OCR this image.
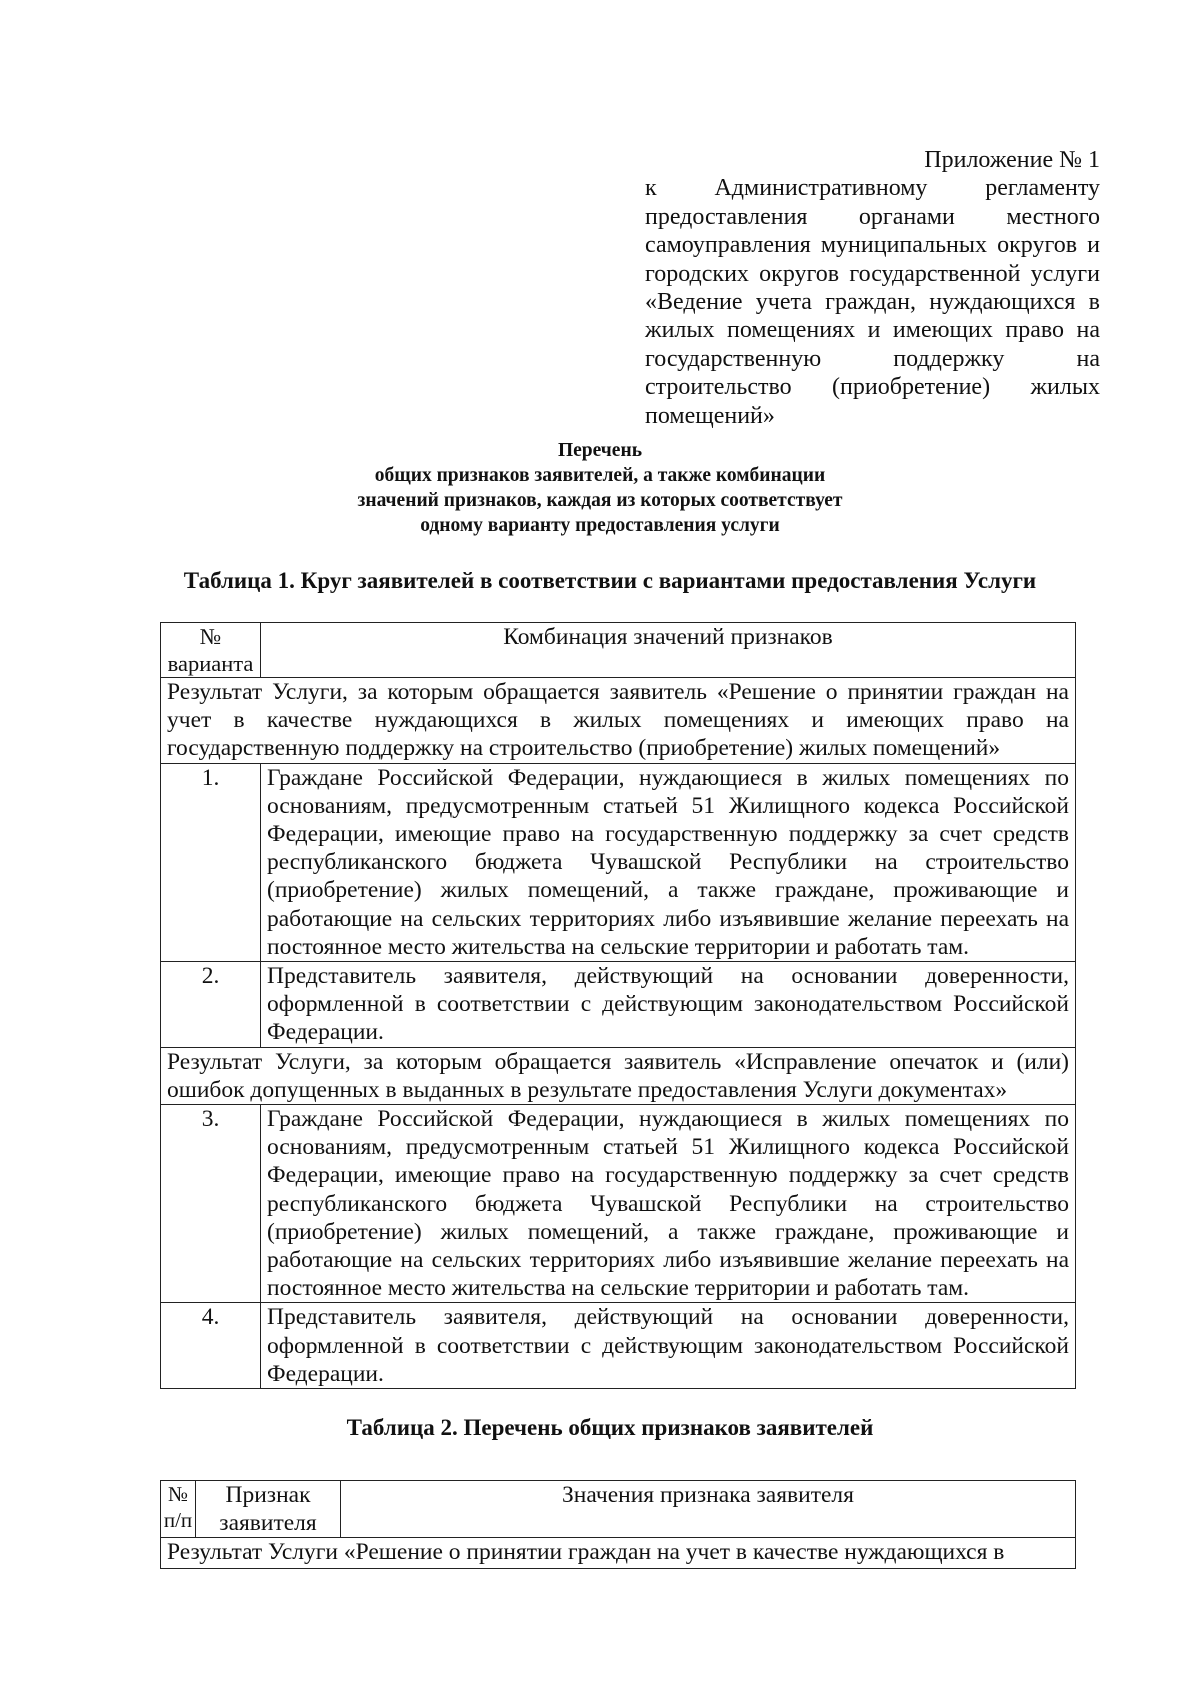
Приложение № 1
к Административному регламенту предоставления органами местного самоуправления муниципальных округов и городских округов государственной услуги «Ведение учета граждан, нуждающихся в жилых помещениях и имеющих право на государственную поддержку на строительство (приобретение) жилых помещений»
Перечень
общих признаков заявителей, а также комбинации
значений признаков, каждая из которых соответствует
одному варианту предоставления услуги
Таблица 1. Круг заявителей в соответствии с вариантами предоставления Услуги
№ варианта	Комбинация значений признаков
Результат Услуги, за которым обращается заявитель «Решение о принятии граждан на учет в качестве нуждающихся в жилых помещениях и имеющих право на государственную поддержку на строительство (приобретение) жилых помещений»	
1.	Граждане Российской Федерации, нуждающиеся в жилых помещениях по основаниям, предусмотренным статьей 51 Жилищного кодекса Российской Федерации, имеющие право на государственную поддержку за счет средств республиканского бюджета Чувашской Республики на строительство (приобретение) жилых помещений, а также граждане, проживающие и работающие на сельских территориях либо изъявившие желание переехать на постоянное место жительства на сельские территории и работать там.
2.	Представитель заявителя, действующий на основании доверенности, оформленной в соответствии с действующим законодательством Российской Федерации.
Результат Услуги, за которым обращается заявитель «Исправление опечаток и (или) ошибок допущенных в выданных в результате предоставления Услуги документах»	
3.	Граждане Российской Федерации, нуждающиеся в жилых помещениях по основаниям, предусмотренным статьей 51 Жилищного кодекса Российской Федерации, имеющие право на государственную поддержку за счет средств республиканского бюджета Чувашской Республики на строительство (приобретение) жилых помещений, а также граждане, проживающие и работающие на сельских территориях либо изъявившие желание переехать на постоянное место жительства на сельские территории и работать там.
4.	Представитель заявителя, действующий на основании доверенности, оформленной в соответствии с действующим законодательством Российской Федерации.
Таблица 2. Перечень общих признаков заявителей
№ п/п	Признак заявителя	Значения признака заявителя
Результат Услуги «Решение о принятии граждан на учет в качестве нуждающихся в
